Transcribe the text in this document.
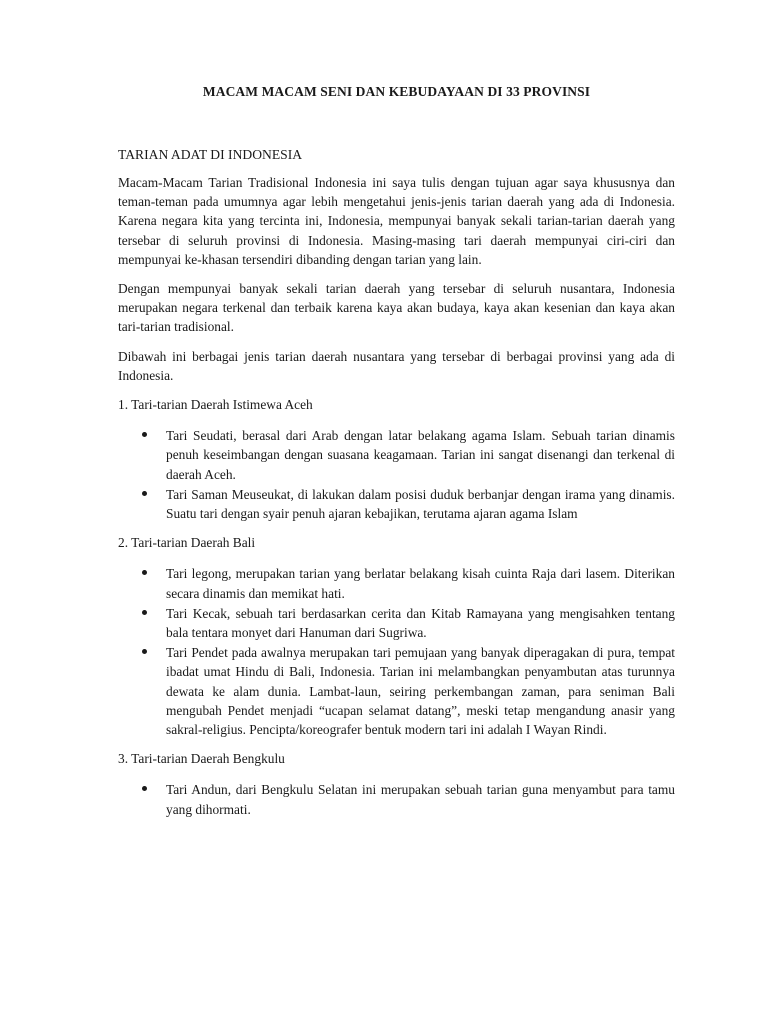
MACAM MACAM SENI DAN KEBUDAYAAN DI 33 PROVINSI
TARIAN ADAT DI INDONESIA

Macam-Macam Tarian Tradisional Indonesia ini saya tulis dengan tujuan agar saya khususnya dan teman-teman pada umumnya agar lebih mengetahui jenis-jenis tarian daerah yang ada di Indonesia. Karena negara kita yang tercinta ini, Indonesia, mempunyai banyak sekali tarian-tarian daerah yang tersebar di seluruh provinsi di Indonesia. Masing-masing tari daerah mempunyai ciri-ciri dan mempunyai ke-khasan tersendiri dibanding dengan tarian yang lain.

Dengan mempunyai banyak sekali tarian daerah yang tersebar di seluruh nusantara, Indonesia merupakan negara terkenal dan terbaik karena kaya akan budaya, kaya akan kesenian dan kaya akan tari-tarian tradisional.

Dibawah ini berbagai jenis tarian daerah nusantara yang tersebar di berbagai provinsi yang ada di Indonesia.

1. Tari-tarian Daerah Istimewa Aceh
Tari Seudati, berasal dari Arab dengan latar belakang agama Islam. Sebuah tarian dinamis penuh keseimbangan dengan suasana keagamaan. Tarian ini sangat disenangi dan terkenal di daerah Aceh.
Tari Saman Meuseukat, di lakukan dalam posisi duduk berbanjar dengan irama yang dinamis. Suatu tari dengan syair penuh ajaran kebajikan, terutama ajaran agama Islam
2. Tari-tarian Daerah Bali
Tari legong, merupakan tarian yang berlatar belakang kisah cuinta Raja dari lasem. Diterikan secara dinamis dan memikat hati.
Tari Kecak, sebuah tari berdasarkan cerita dan Kitab Ramayana yang mengisahken tentang bala tentara monyet dari Hanuman dari Sugriwa.
Tari Pendet pada awalnya merupakan tari pemujaan yang banyak diperagakan di pura, tempat ibadat umat Hindu di Bali, Indonesia. Tarian ini melambangkan penyambutan atas turunnya dewata ke alam dunia. Lambat-laun, seiring perkembangan zaman, para seniman Bali mengubah Pendet menjadi “ucapan selamat datang”, meski tetap mengandung anasir yang sakral-religius. Pencipta/koreografer bentuk modern tari ini adalah I Wayan Rindi.
3. Tari-tarian Daerah Bengkulu
Tari Andun, dari Bengkulu Selatan ini merupakan sebuah tarian guna menyambut para tamu yang dihormati.
